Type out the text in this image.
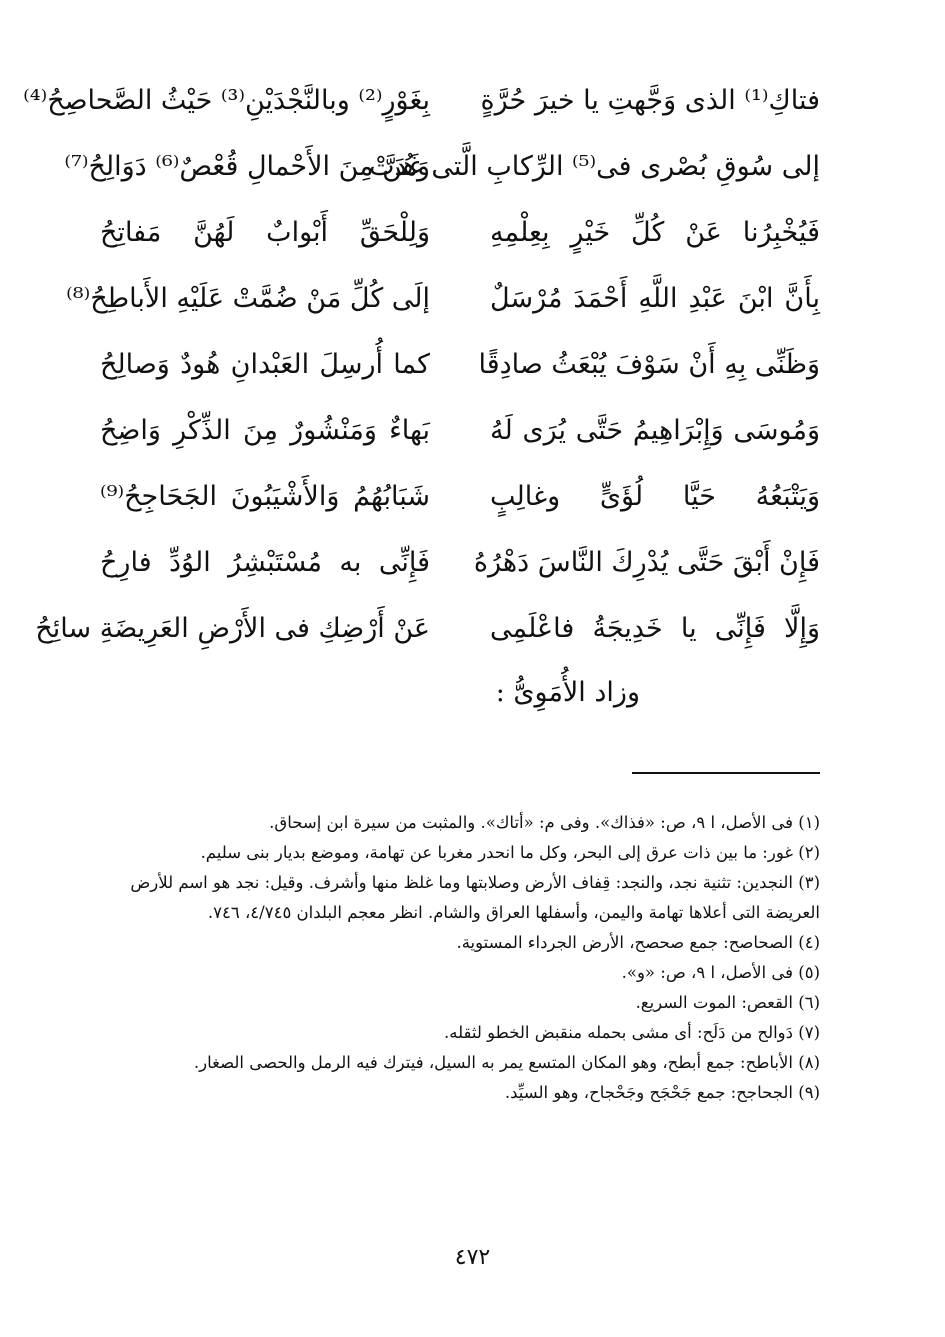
فتاكِ⁽¹⁾ الذى وَجَّهتِ يا خيرَ حُرَّةٍ
بِغَوْرٍ⁽²⁾ وبالنَّجْدَيْنِ⁽³⁾ حَيْثُ الصَّحاصِحُ⁽⁴⁾
إلى سُوقِ بُصْرى فى⁽⁵⁾ الرِّكابِ الَّتى غَدَتْ
وَهُنَّ مِنَ الأَحْمالِ قُعْصٌ⁽⁶⁾ دَوَالِحُ⁽⁷⁾
فَيُخْبِرُنا عَنْ كُلِّ خَيْرٍ بِعِلْمِهِ
وَلِلْحَقِّ أَبْوابٌ لَهُنَّ مَفاتِحُ
بِأَنَّ ابْنَ عَبْدِ اللَّهِ أَحْمَدَ مُرْسَلٌ
إلَى كُلِّ مَنْ ضُمَّتْ عَلَيْهِ الأَباطِحُ⁽⁸⁾
وَظَنِّى بِهِ أَنْ سَوْفَ يُبْعَثُ صادِقًا
كما أُرسِلَ العَبْدانِ هُودٌ وَصالِحُ
وَمُوسَى وَإِبْرَاهِيمُ حَتَّى يُرَى لَهُ
بَهاءٌ وَمَنْشُورٌ مِنَ الذِّكْرِ وَاضِحُ
وَيَتْبَعُهُ حَيَّا لُؤَىٍّ وغالِبٍ
شَبَابُهُمُ وَالأَشْيَبُونَ الجَحَاجِحُ⁽⁹⁾
فَإِنْ أَبْقَ حَتَّى يُدْرِكَ النَّاسَ دَهْرُهُ
فَإِنِّى به مُسْتَبْشِرُ الوُدِّ فارِحُ
وَإِلَّا فَإِنِّى يا خَدِيجَةُ فاعْلَمِى
عَنْ أَرْضِكِ فى الأَرْضِ العَرِيضَةِ سائِحُ
وزاد الأُمَوِىُّ :

(١) فى الأصل، ا ٩، ص: «فذاك». وفى م: «أتاك». والمثبت من سيرة ابن إسحاق.

(٢) غور: ما بين ذات عرق إلى البحر، وكل ما انحدر مغربا عن تهامة، وموضع بديار بنى سليم.

(٣) النجدين: تثنية نجد، والنجد: قِفاف الأرض وصلابتها وما غلظ منها وأشرف. وقيل: نجد هو اسم للأرض العريضة التى أعلاها تهامة واليمن، وأسفلها العراق والشام. انظر معجم البلدان ٤/٧٤٥، ٧٤٦.

(٤) الصحاصح: جمع صحصح، الأرض الجرداء المستوية.

(٥) فى الأصل، ا ٩، ص: «و».

(٦) القعص: الموت السريع.

(٧) دَوالح من دَلَح: أى مشى بحمله منقبض الخطو لثقله.

(٨) الأباطح: جمع أبطح، وهو المكان المتسع يمر به السيل، فيترك فيه الرمل والحصى الصغار.

(٩) الجحاجح: جمع جَحْجَح وجَحْجاح، وهو السيِّد.

٤٧٢
